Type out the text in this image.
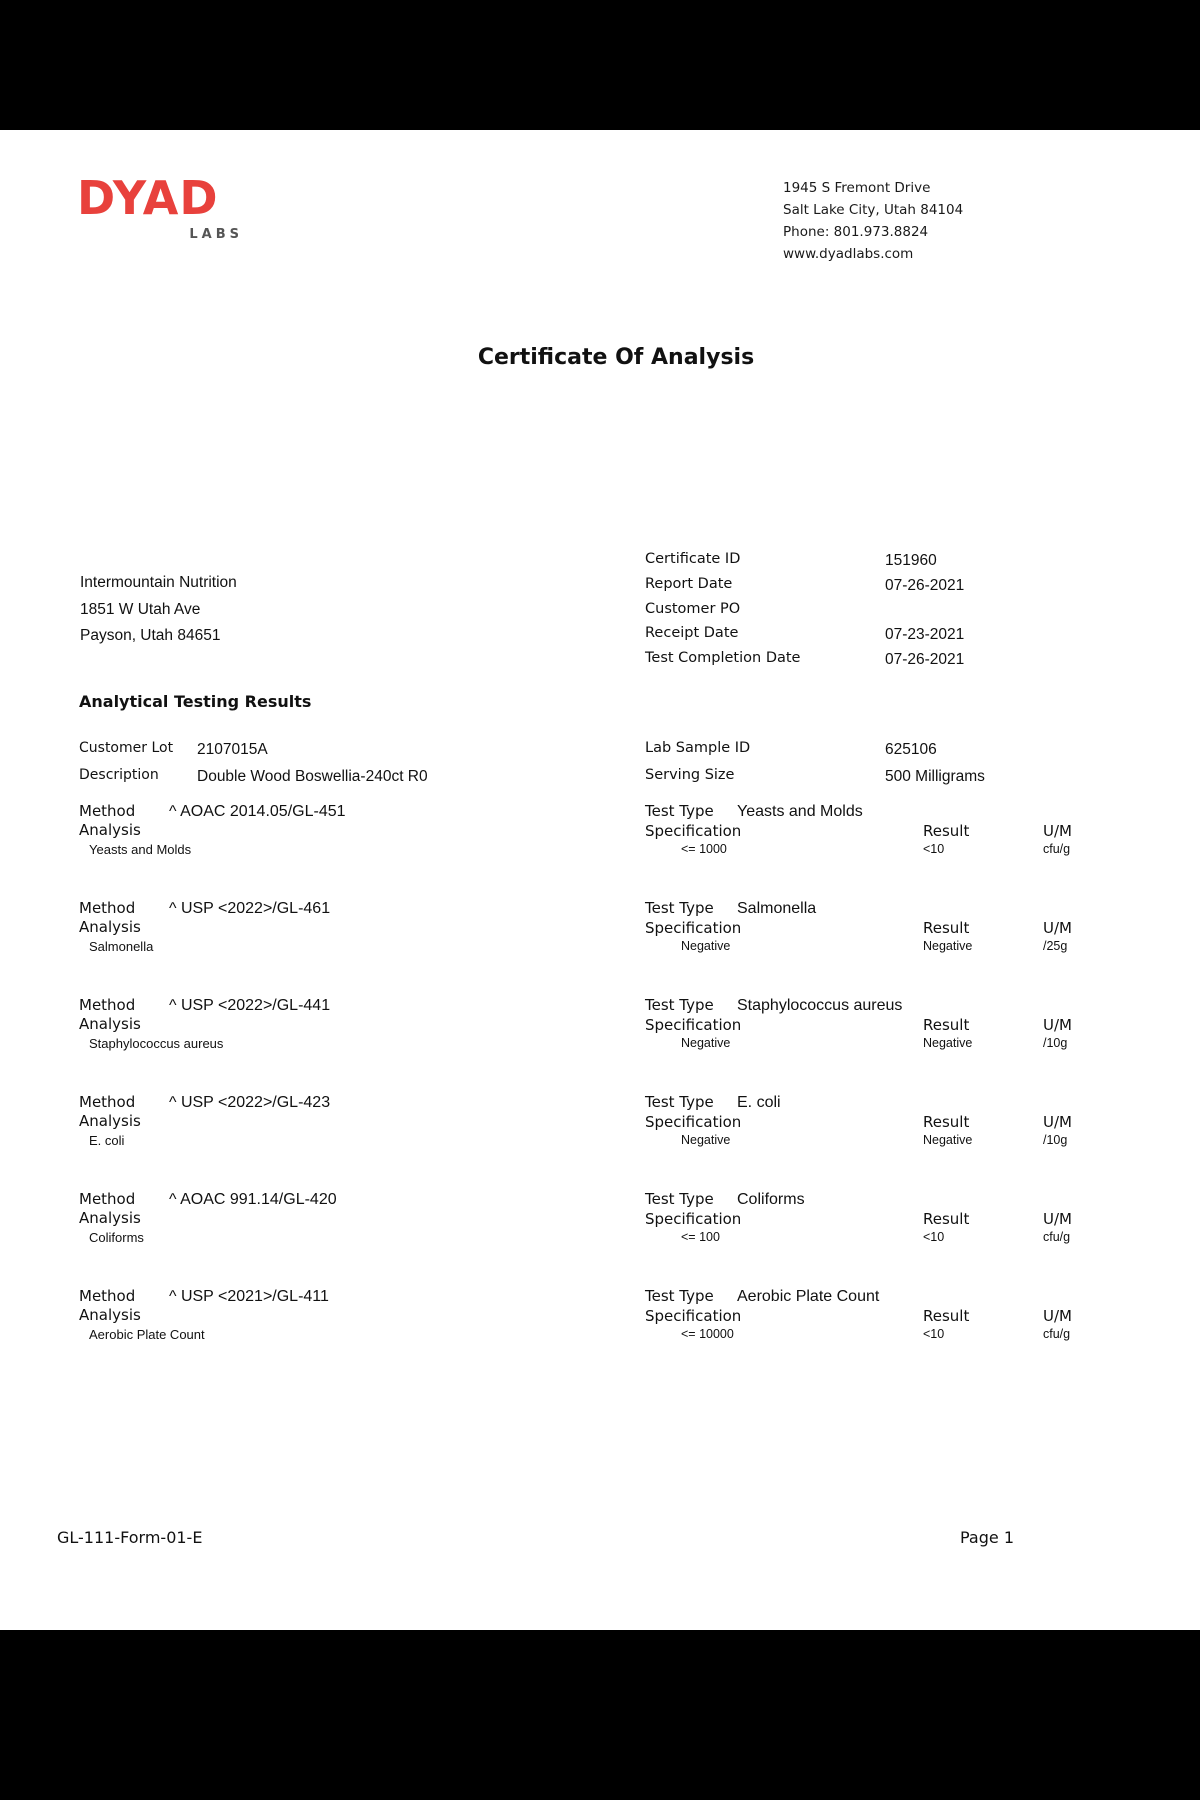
DYAD
LABS
1945 S Fremont Drive
Salt Lake City, Utah 84104
Phone: 801.973.8824
www.dyadlabs.com
Certificate Of Analysis
Intermountain Nutrition
1851 W Utah Ave
Payson, Utah 84651
Certificate ID	151960
Report Date	07-26-2021
Customer PO
Receipt Date	07-23-2021
Test Completion Date	07-26-2021
Analytical Testing Results
Customer Lot	2107015A
Description	Double Wood Boswellia-240ct R0
Lab Sample ID	625106
Serving Size	500 Milligrams
Method	^ AOAC 2014.05/GL-451
Analysis
Yeasts and Molds
Test Type	Yeasts and Molds
Specification	Result	U/M
<= 1000	<10	cfu/g
Method	^ USP <2022>/GL-461
Analysis
Salmonella
Test Type	Salmonella
Specification	Result	U/M
Negative	Negative	/25g
Method	^ USP <2022>/GL-441
Analysis
Staphylococcus aureus
Test Type	Staphylococcus aureus
Specification	Result	U/M
Negative	Negative	/10g
Method	^ USP <2022>/GL-423
Analysis
E. coli
Test Type	E. coli
Specification	Result	U/M
Negative	Negative	/10g
Method	^ AOAC 991.14/GL-420
Analysis
Coliforms
Test Type	Coliforms
Specification	Result	U/M
<= 100	<10	cfu/g
Method	^ USP <2021>/GL-411
Analysis
Aerobic Plate Count
Test Type	Aerobic Plate Count
Specification	Result	U/M
<= 10000	<10	cfu/g
GL-111-Form-01-E	Page 1
